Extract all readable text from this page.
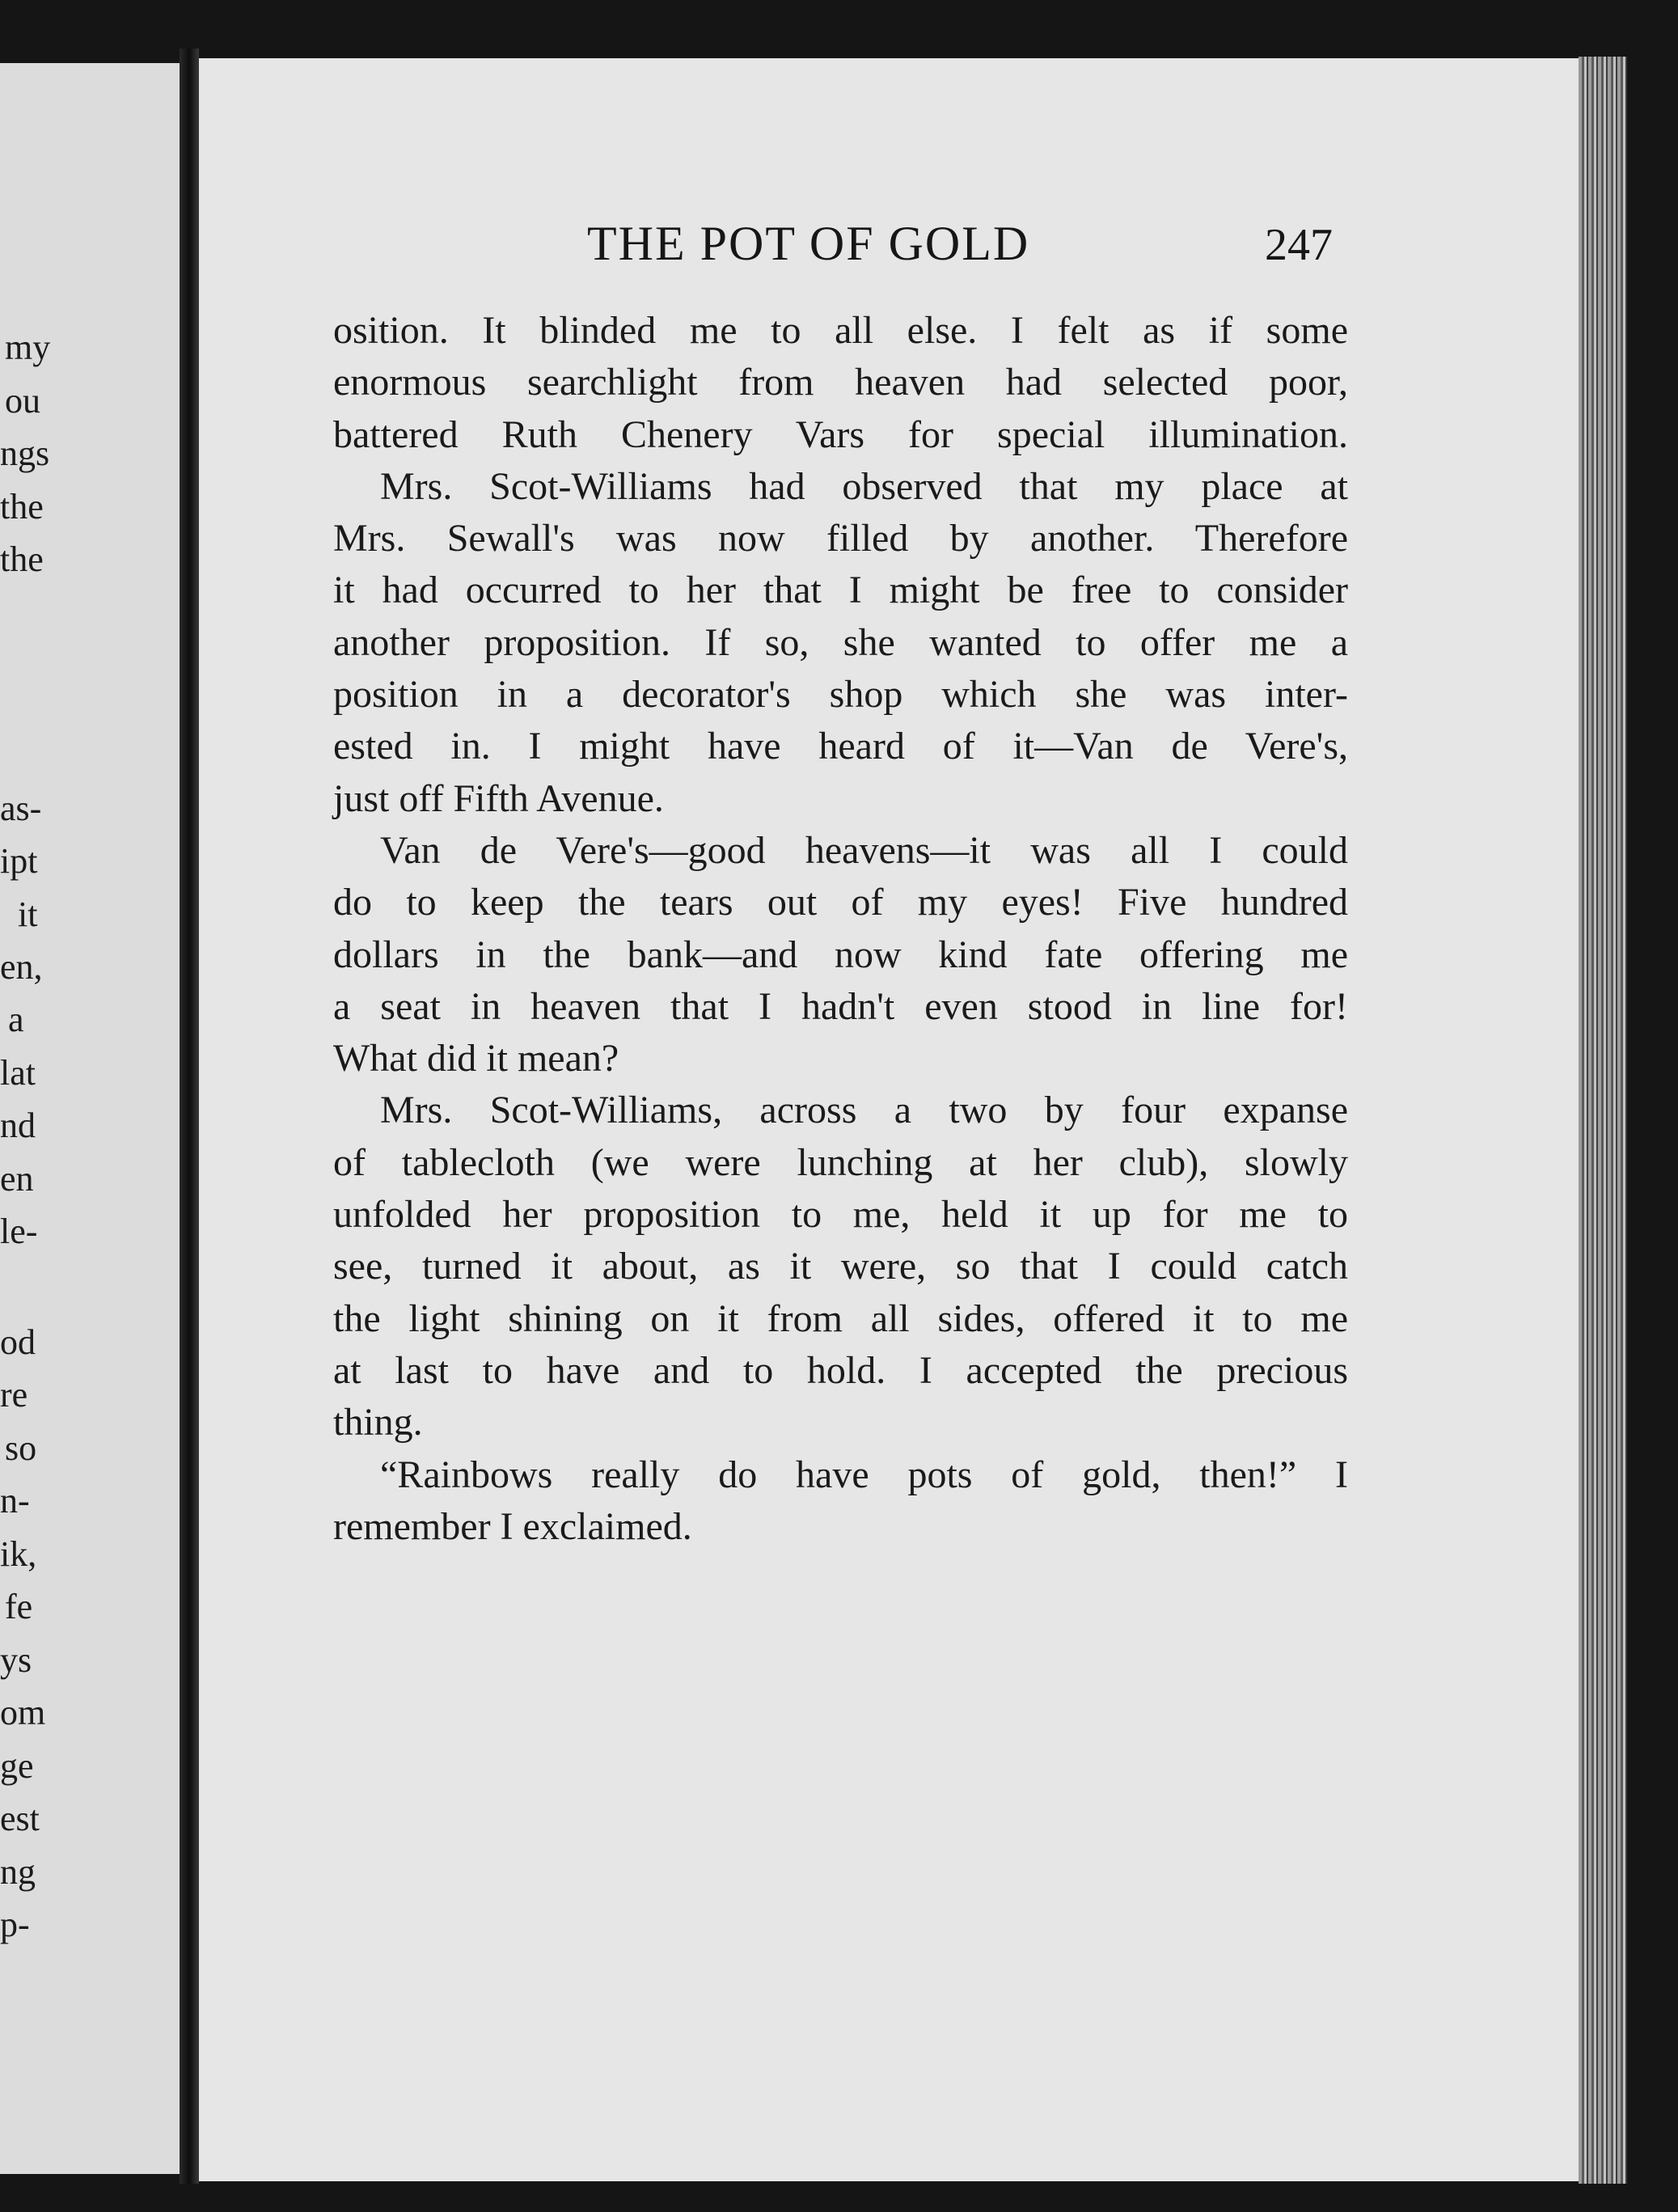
my
ou
ngs
the
the
as-
ipt
it
en,
a
lat
nd
en
le-
od
re
so
n-
ik,
fe
ys
om
ge
est
ng
p-
THE POT OF GOLD	247
osition. It blinded me to all else. I felt as if some
enormous searchlight from heaven had selected poor,
battered Ruth Chenery Vars for special illumination.
Mrs. Scot-Williams had observed that my place at
Mrs. Sewall's was now filled by another. Therefore
it had occurred to her that I might be free to consider
another proposition. If so, she wanted to offer me a
position in a decorator's shop which she was inter-
ested in. I might have heard of it—Van de Vere's,
just off Fifth Avenue.
Van de Vere's—good heavens—it was all I could
do to keep the tears out of my eyes! Five hundred
dollars in the bank—and now kind fate offering me
a seat in heaven that I hadn't even stood in line for!
What did it mean?
Mrs. Scot-Williams, across a two by four expanse
of tablecloth (we were lunching at her club), slowly
unfolded her proposition to me, held it up for me to
see, turned it about, as it were, so that I could catch
the light shining on it from all sides, offered it to me
at last to have and to hold. I accepted the precious
thing.
“Rainbows really do have pots of gold, then!” I
remember I exclaimed.
